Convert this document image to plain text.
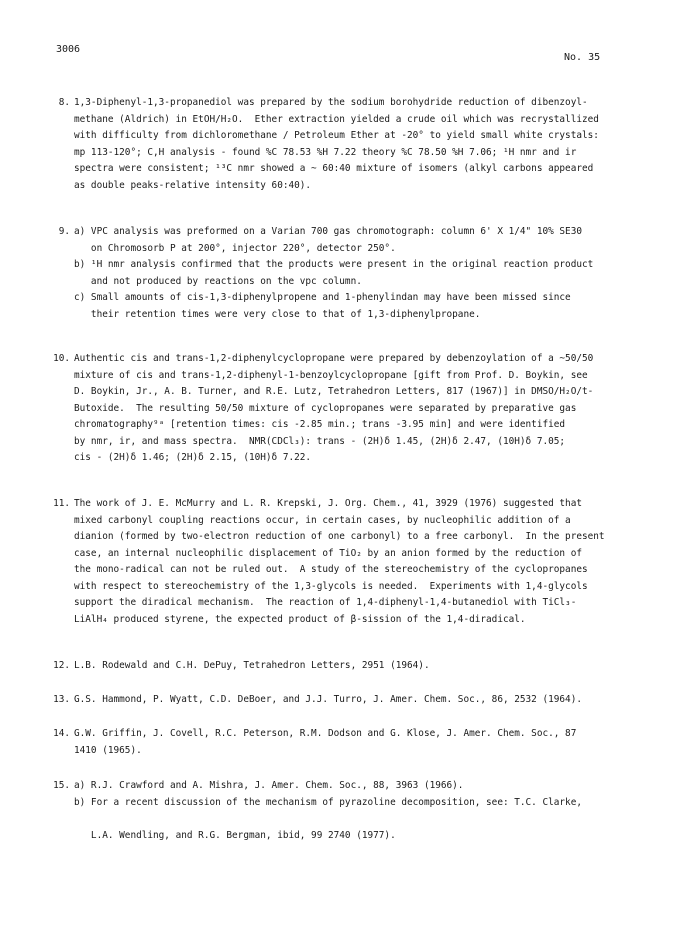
3006
No. 35
8. 1,3-Diphenyl-1,3-propanediol was prepared by the sodium borohydride reduction of dibenzoyl-
methane (Aldrich) in EtOH/H₂O.  Ether extraction yielded a crude oil which was recrystallized
with difficulty from dichloromethane / Petroleum Ether at -20° to yield small white crystals:
mp 113-120°; C,H analysis - found %C 78.53 %H 7.22 theory %C 78.50 %H 7.06; ¹H nmr and ir
spectra were consistent; ¹³C nmr showed a ~ 60:40 mixture of isomers (alkyl carbons appeared
as double peaks-relative intensity 60:40).
9. a) VPC analysis was preformed on a Varian 700 gas chromotograph: column 6' X 1/4" 10% SE30
on Chromosorb P at 200°, injector 220°, detector 250°.
b) ¹H nmr analysis confirmed that the products were present in the original reaction product
and not produced by reactions on the vpc column.
c) Small amounts of cis-1,3-diphenylpropene and 1-phenylindan may have been missed since
their retention times were very close to that of 1,3-diphenylpropane.
10. Authentic cis and trans-1,2-diphenylcyclopropane were prepared by debenzoylation of a ~50/50
mixture of cis and trans-1,2-diphenyl-1-benzoylcyclopropane [gift from Prof. D. Boykin, see
D. Boykin, Jr., A. B. Turner, and R.E. Lutz, Tetrahedron Letters, 817 (1967)] in DMSO/H₂O/t-
Butoxide.  The resulting 50/50 mixture of cyclopropanes were separated by preparative gas
chromatography⁹ᵃ [retention times: cis -2.85 min.; trans -3.95 min] and were identified
by nmr, ir, and mass spectra.  NMR(CDCl₃): trans - (2H)δ 1.45, (2H)δ 2.47, (10H)δ 7.05;
cis - (2H)δ 1.46; (2H)δ 2.15, (10H)δ 7.22.
11. The work of J. E. McMurry and L. R. Krepski, J. Org. Chem., 41, 3929 (1976) suggested that
mixed carbonyl coupling reactions occur, in certain cases, by nucleophilic addition of a
dianion (formed by two-electron reduction of one carbonyl) to a free carbonyl.  In the present
case, an internal nucleophilic displacement of TiO₂ by an anion formed by the reduction of
the mono-radical can not be ruled out.  A study of the stereochemistry of the cyclopropanes
with respect to stereochemistry of the 1,3-glycols is needed.  Experiments with 1,4-glycols
support the diradical mechanism.  The reaction of 1,4-diphenyl-1,4-butanediol with TiCl₃-
LiAlH₄ produced styrene, the expected product of β-sission of the 1,4-diradical.
12. L.B. Rodewald and C.H. DePuy, Tetrahedron Letters, 2951 (1964).
13. G.S. Hammond, P. Wyatt, C.D. DeBoer, and J.J. Turro, J. Amer. Chem. Soc., 86, 2532 (1964).
14. G.W. Griffin, J. Covell, R.C. Peterson, R.M. Dodson and G. Klose, J. Amer. Chem. Soc., 87
1410 (1965).
15. a) R.J. Crawford and A. Mishra, J. Amer. Chem. Soc., 88, 3963 (1966).
b) For a recent discussion of the mechanism of pyrazoline decomposition, see: T.C. Clarke,
L.A. Wendling, and R.G. Bergman, ibid, 99 2740 (1977).
